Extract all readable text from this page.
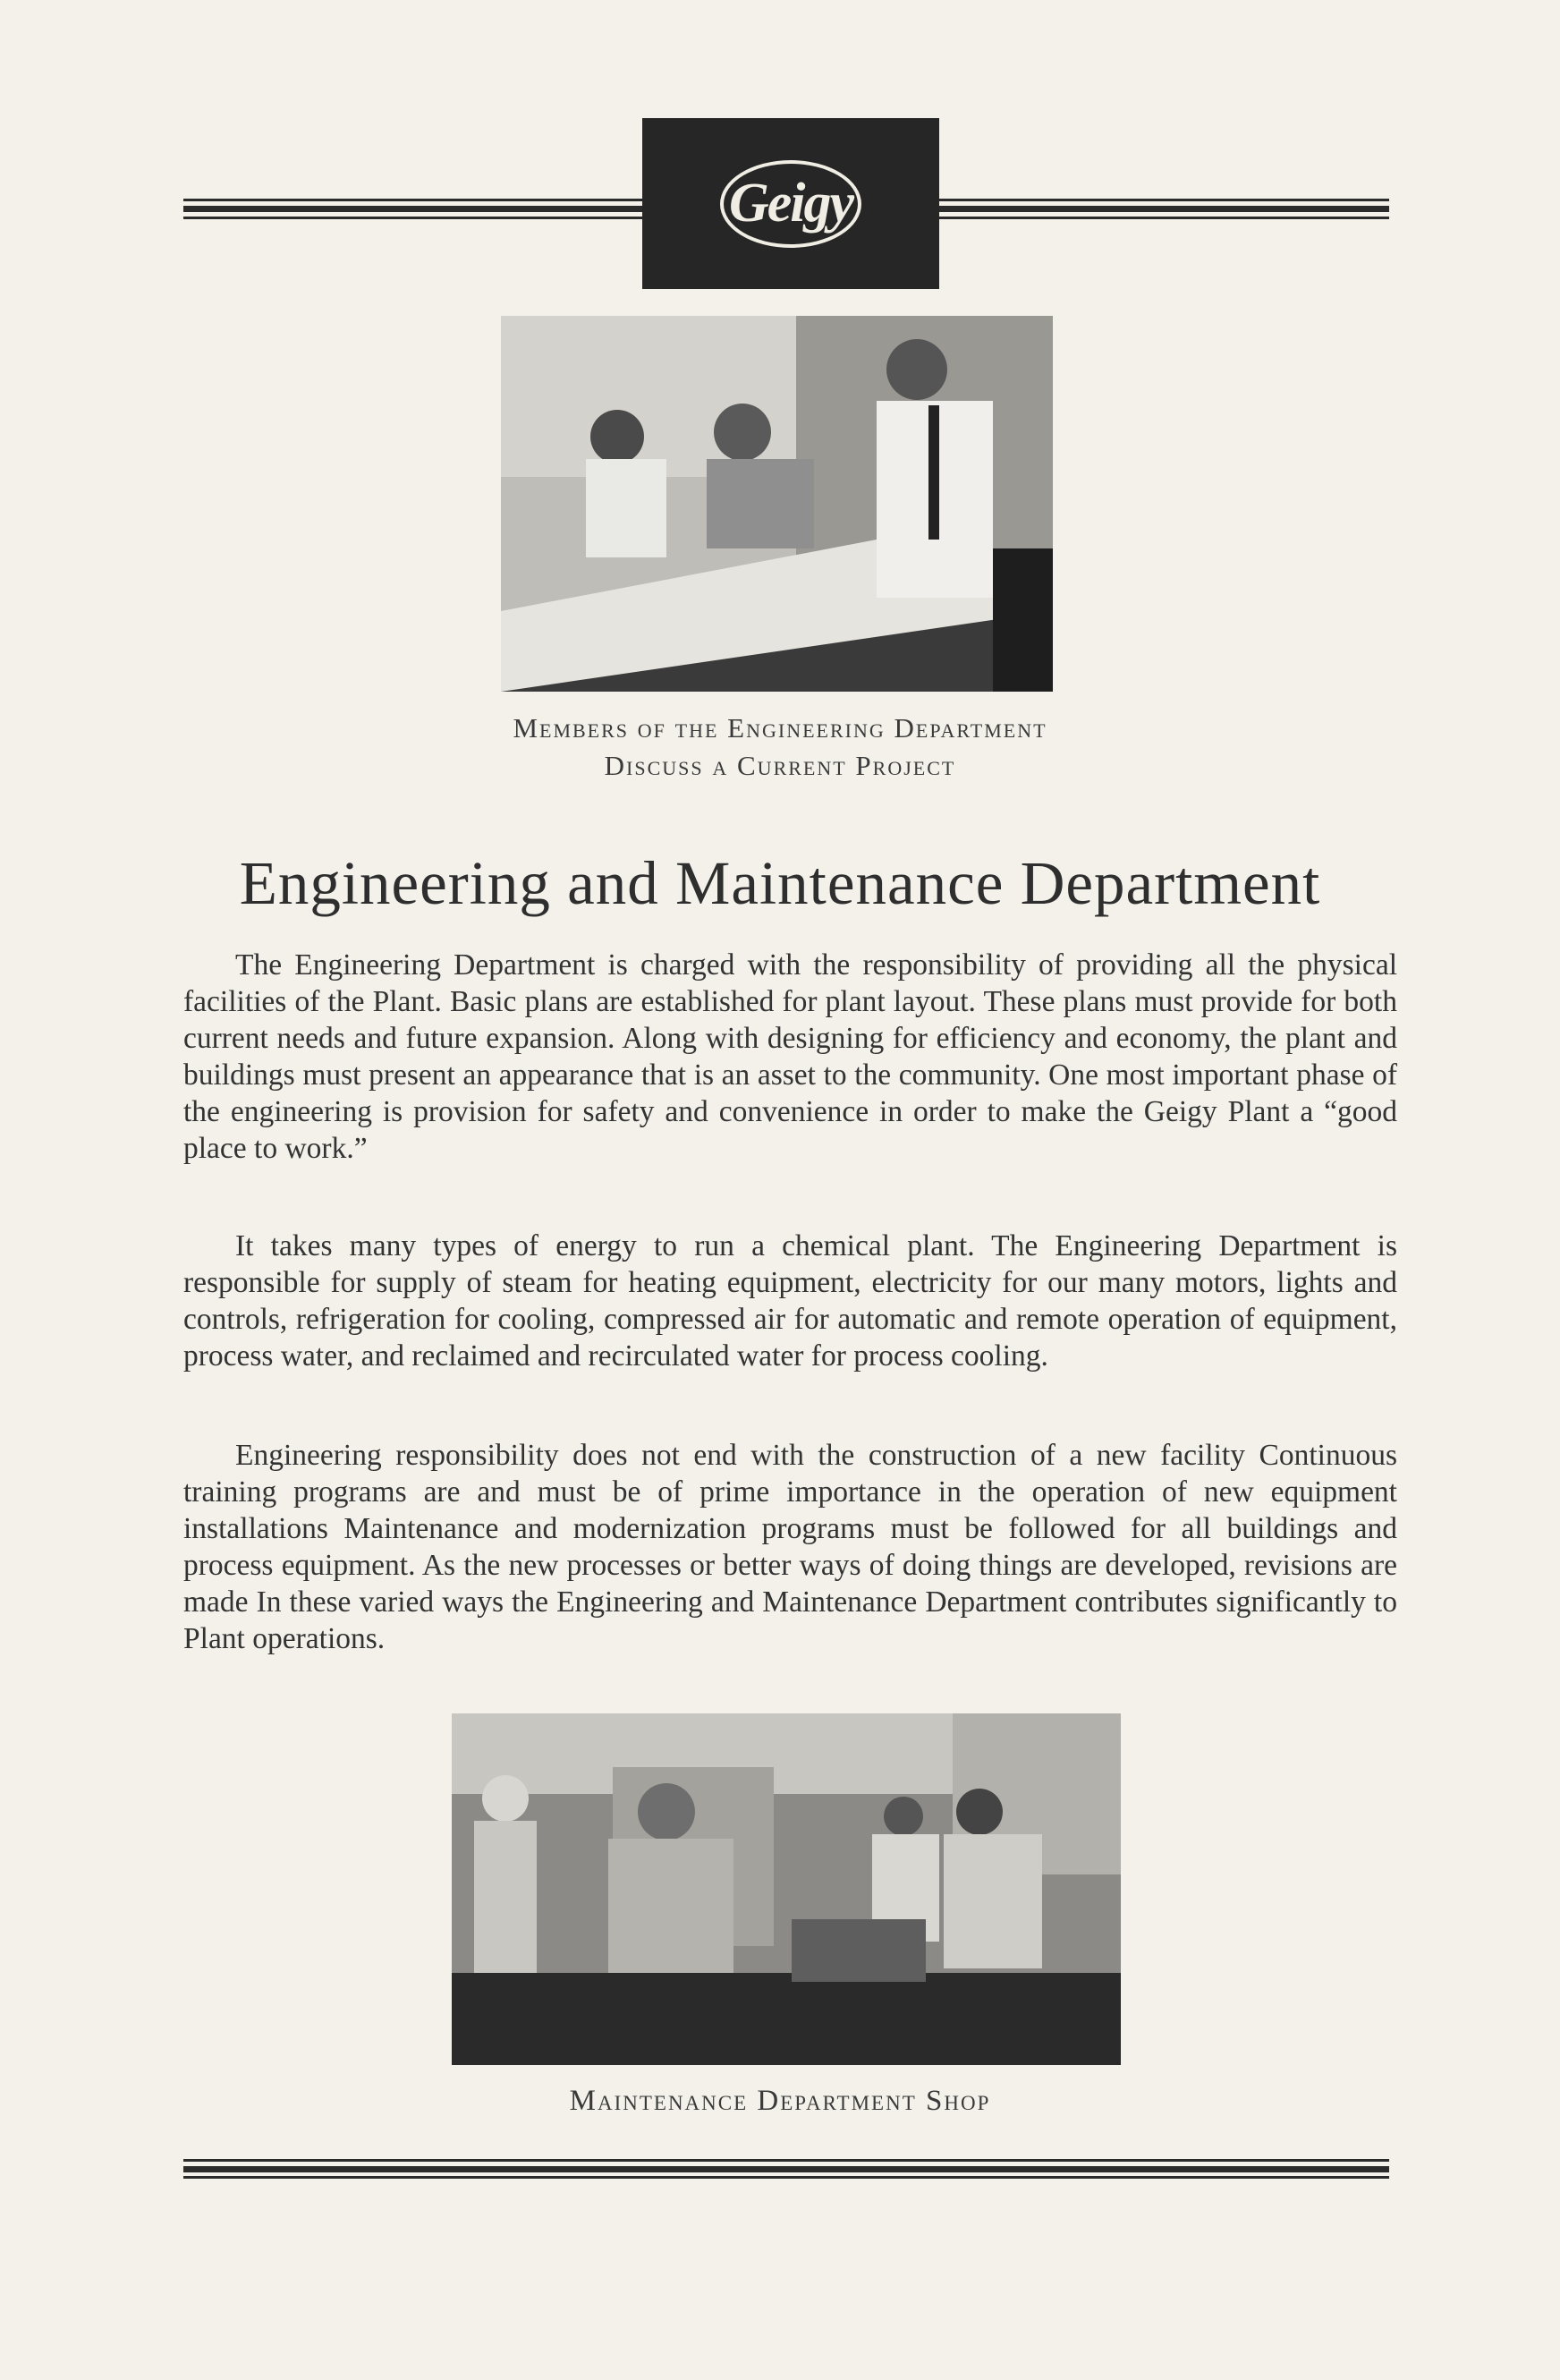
Geigy
Members of the Engineering Department
Discuss a Current Project
Engineering and Maintenance Department

The Engineering Department is charged with the responsibility of providing all the physical facilities of the Plant. Basic plans are established for plant layout. These plans must provide for both current needs and future expansion. Along with designing for efficiency and economy, the plant and buildings must present an appearance that is an asset to the community. One most important phase of the engineering is provision for safety and convenience in order to make the Geigy Plant a “good place to work.”

It takes many types of energy to run a chemical plant. The Engineering Department is responsible for supply of steam for heating equipment, electricity for our many motors, lights and controls, refrigeration for cooling, compressed air for automatic and remote operation of equipment, process water, and reclaimed and recirculated water for process cooling.

Engineering responsibility does not end with the construction of a new facility Continuous training programs are and must be of prime importance in the operation of new equipment installations Maintenance and modernization programs must be followed for all buildings and process equipment. As the new processes or better ways of doing things are developed, revisions are made In these varied ways the Engineering and Maintenance Department contributes significantly to Plant operations.

Maintenance Department Shop
